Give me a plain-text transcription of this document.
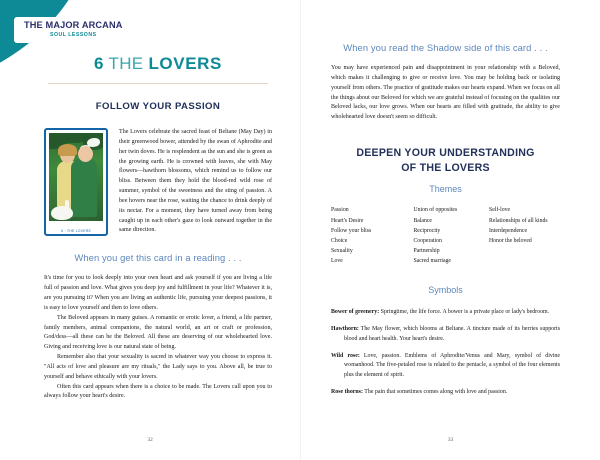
THE MAJOR ARCANA
SOUL LESSONS
6 THE LOVERS
FOLLOW YOUR PASSION
6 · THE LOVERS
The Lovers celebrate the sacred feast of Beltane (May Day) in their greenwood bower, attended by the swan of Aphrodite and her twin doves. He is resplendent as the sun and she is green as the growing earth. He is crowned with leaves, she with May flowers—hawthorn blossoms, which remind us to follow our bliss. Between them they hold the blood-red wild rose of summer, symbol of the sweetness and the sting of passion. A bee hovers near the rose, waiting the chance to drink deeply of its nectar. For a moment, they have turned away from being caught up in each other's gaze to look outward together in the same direction.
When you get this card in a reading . . .

It's time for you to look deeply into your own heart and ask yourself if you are living a life full of passion and love. What gives you deep joy and fulfillment in your life? Whatever it is, are you pursuing it? When you are living an authentic life, pursuing your deepest passions, it is easy to love yourself and then to love others.

The Beloved appears in many guises. A romantic or erotic lover, a friend, a life partner, family members, animal companions, the natural world, an art or craft or profession, God/dess—all these can be the Beloved. All these are deserving of our wholehearted love. Giving and receiving love is our natural state of being.

Remember also that your sexuality is sacred in whatever way you choose to express it. "All acts of love and pleasure are my rituals," the Lady says to you. Above all, be true to yourself and behave ethically with your lovers.

Often this card appears when there is a choice to be made. The Lovers call upon you to always follow your heart's desire.

32
When you read the Shadow side of this card . . .

You may have experienced pain and disappointment in your relationship with a Beloved, which makes it challenging to give or receive love. You may be holding back or isolating yourself from others. The practice of gratitude makes our hearts expand. When we focus on all the things about our Beloved for which we are grateful instead of focusing on the qualities our Beloved lacks, our love grows. When our hearts are filled with gratitude, the ability to give wholehearted love doesn't seem so difficult.

DEEPEN YOUR UNDERSTANDING
OF THE LOVERS
Themes
Passion
Heart's Desire
Follow your bliss
Choice
Sexuality
Love
Union of opposites
Balance
Reciprocity
Cooperation
Partnership
Sacred marriage
Self-love
Relationships of all kinds
Interdependence
Honor the beloved
Symbols
Bower of greenery: Springtime, the life force. A bower is a private place or lady's bedroom.
Hawthorn: The May flower, which blooms at Beltane. A tincture made of its berries supports blood and heart health. Your heart's desire.
Wild rose: Love, passion. Emblems of Aphrodite/Venus and Mary, symbol of divine womanhood. The five-petaled rose is related to the pentacle, a symbol of the four elements plus the element of spirit.
Rose thorns: The pain that sometimes comes along with love and passion.
33
